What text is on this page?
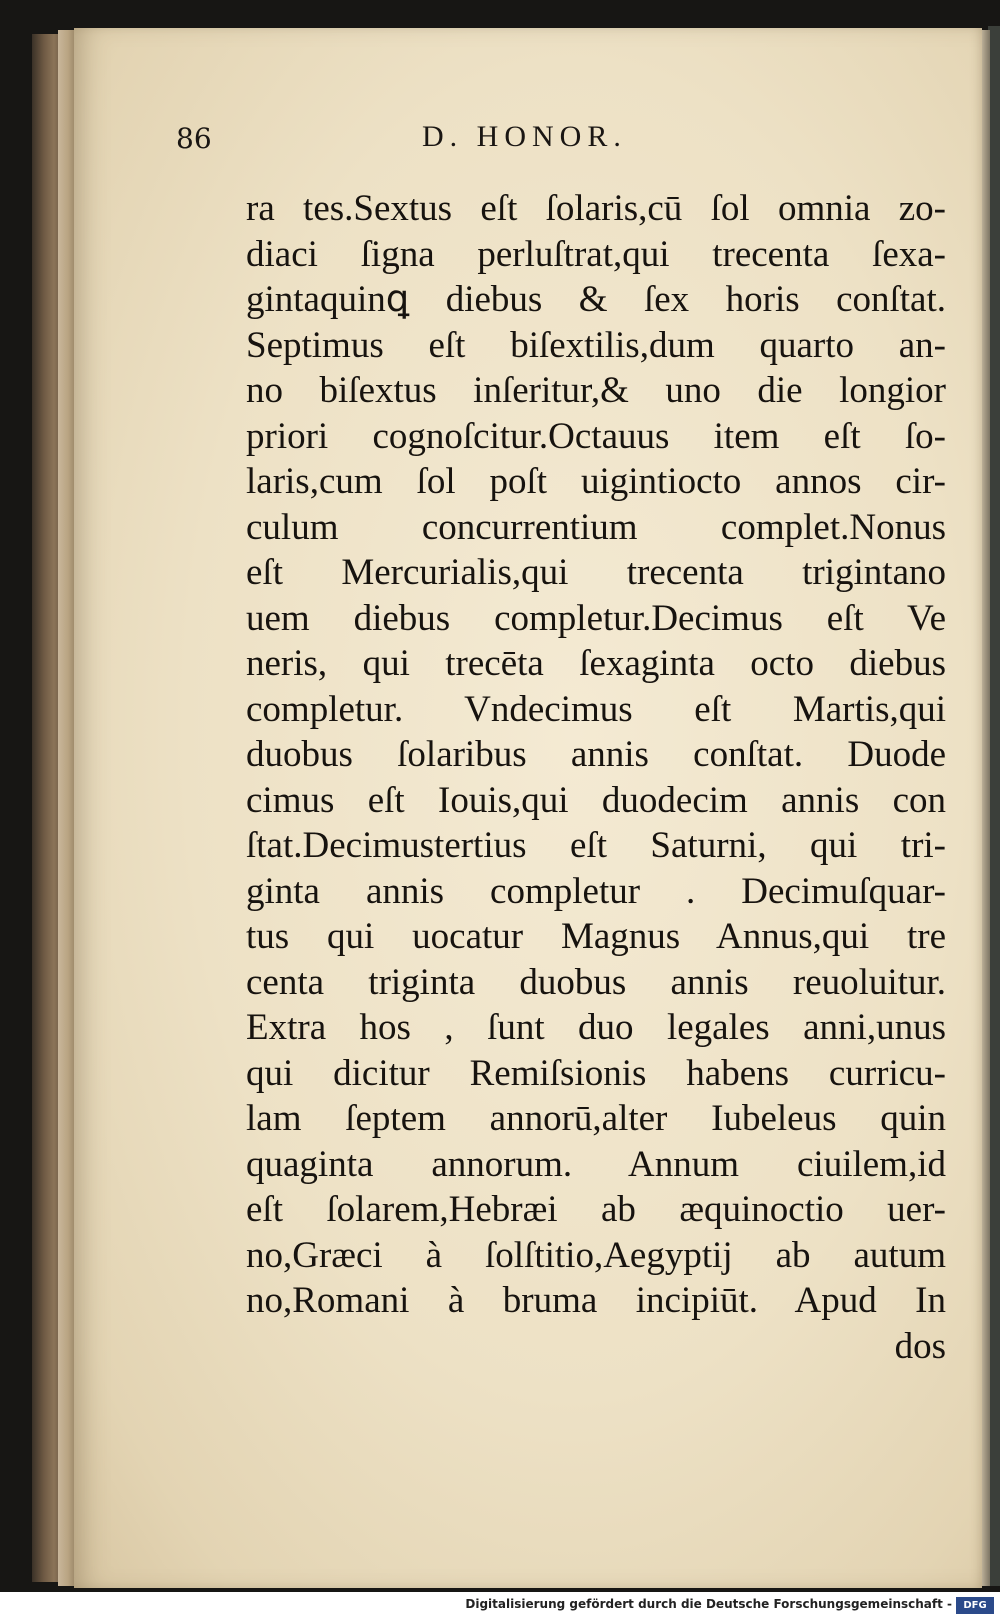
86	D. HONOR.
ra tes.Sextus eſt ſolaris,cū ſol omnia zo-
diaci ſigna perluſtrat,qui trecenta ſexa-
gintaquinꝗ diebus & ſex horis conſtat.
Septimus eſt biſextilis,dum quarto an-
no biſextus inſeritur,& uno die longior
priori cognoſcitur.Octauus item eſt ſo-
laris,cum ſol poſt uigintiocto annos cir-
culum concurrentium complet.Nonus
eſt Mercurialis,qui trecenta trigintano
uem diebus completur.Decimus eſt Ve
neris, qui trecēta ſexaginta octo diebus
completur. Vndecimus eſt Martis,qui
duobus ſolaribus annis conſtat. Duode
cimus eſt Iouis,qui duodecim annis con
ſtat.Decimustertius eſt Saturni, qui tri-
ginta annis completur . Decimuſquar-
tus qui uocatur Magnus Annus,qui tre
centa triginta duobus annis reuoluitur.
Extra hos , ſunt duo legales anni,unus
qui dicitur Remiſsionis habens curricu-
lam ſeptem annorū,alter Iubeleus quin
quaginta annorum. Annum ciuilem,id
eſt ſolarem,Hebræi ab æquinoctio uer-
no,Græci à ſolſtitio,Aegyptij ab autum
no,Romani à bruma incipiūt. Apud In
dos
Digitalisierung gefördert durch die Deutsche Forschungsgemeinschaft -	DFG
